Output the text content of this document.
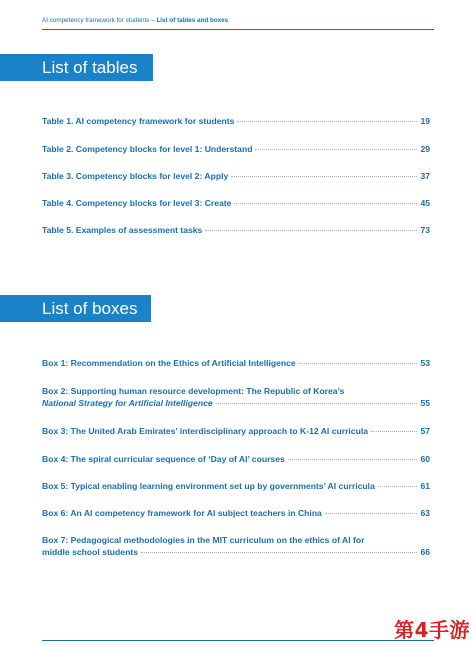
AI competency framework for students – List of tables and boxes
List of tables
Table 1. AI competency framework for students	19
Table 2. Competency blocks for level 1: Understand	29
Table 3. Competency blocks for level 2: Apply	37
Table 4. Competency blocks for level 3: Create	45
Table 5. Examples of assessment tasks	73
List of boxes
Box 1: Recommendation on the Ethics of Artificial Intelligence	53
Box 2: Supporting human resource development: The Republic of Korea’s
National Strategy for Artificial Intelligence	55
Box 3: The United Arab Emirates’ interdisciplinary approach to K-12 AI curricula	57
Box 4: The spiral curricular sequence of ‘Day of AI’ courses	60
Box 5: Typical enabling learning environment set up by governments’ AI curricula	61
Box 6: An AI competency framework for AI subject teachers in China	63
Box 7: Pedagogical methodologies in the MIT curriculum on the ethics of AI for
middle school students	66
第4手游
